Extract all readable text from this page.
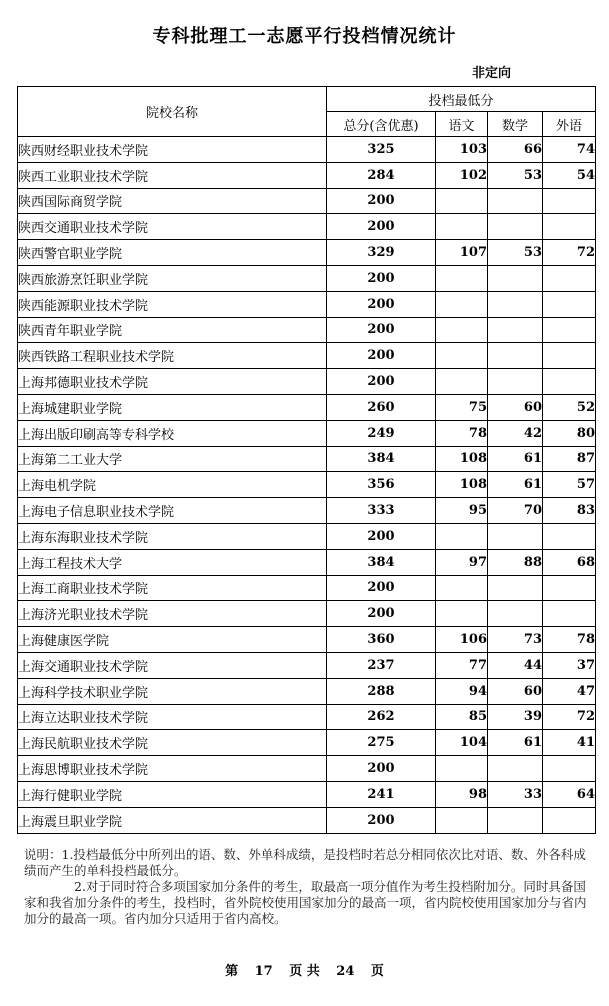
专科批理工一志愿平行投档情况统计
非定向
院校名称	投档最低分			
	总分(含优惠)	语文	数学	外语
陕西财经职业技术学院	325	103	66	74
陕西工业职业技术学院	284	102	53	54
陕西国际商贸学院	200			
陕西交通职业技术学院	200			
陕西警官职业学院	329	107	53	72
陕西旅游烹饪职业学院	200			
陕西能源职业技术学院	200			
陕西青年职业学院	200			
陕西铁路工程职业技术学院	200			
上海邦德职业技术学院	200			
上海城建职业学院	260	75	60	52
上海出版印刷高等专科学校	249	78	42	80
上海第二工业大学	384	108	61	87
上海电机学院	356	108	61	57
上海电子信息职业技术学院	333	95	70	83
上海东海职业技术学院	200			
上海工程技术大学	384	97	88	68
上海工商职业技术学院	200			
上海济光职业技术学院	200			
上海健康医学院	360	106	73	78
上海交通职业技术学院	237	77	44	37
上海科学技术职业学院	288	94	60	47
上海立达职业技术学院	262	85	39	72
上海民航职业技术学院	275	104	61	41
上海思博职业技术学院	200			
上海行健职业学院	241	98	33	64
上海震旦职业学院	200			

说明：1.投档最低分中所列出的语、数、外单科成绩，是投档时若总分相同依次比对语、数、外各科成绩而产生的单科投档最低分。

2.对于同时符合多项国家加分条件的考生，取最高一项分值作为考生投档附加分。同时具备国家和我省加分条件的考生，投档时，省外院校使用国家加分的最高一项，省内院校使用国家加分与省内加分的最高一项。省内加分只适用于省内高校。

第 17 页 共 24 页
